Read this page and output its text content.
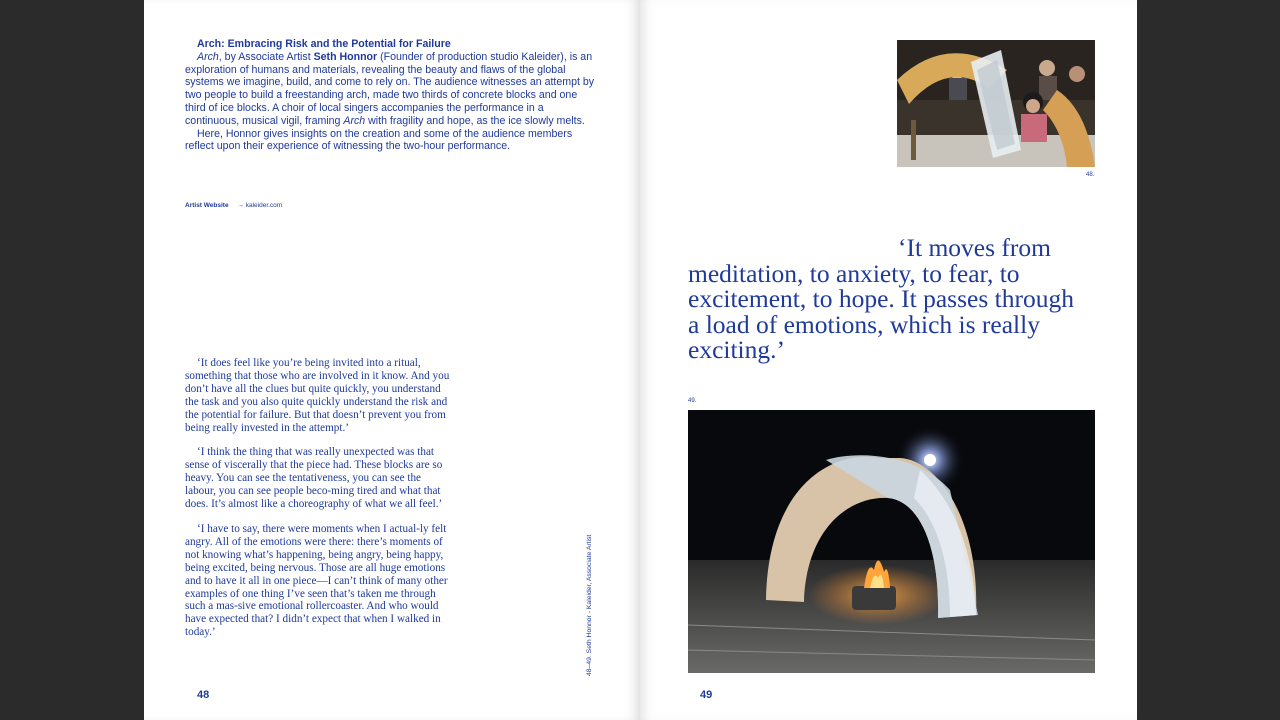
Arch: Embracing Risk and the Potential for Failure

Arch, by Associate Artist Seth Honnor (Founder of production studio Kaleider), is an exploration of humans and materials, revealing the beauty and flaws of the global systems we imagine, build, and come to rely on. The audience witnesses an attempt by two people to build a freestanding arch, made two thirds of concrete blocks and one third of ice blocks. A choir of local singers accompanies the performance in a continuous, musical vigil, framing Arch with fragility and hope, as the ice slowly melts.

Here, Honnor gives insights on the creation and some of the audience members reflect upon their experience of witnessing the two-hour performance.

Artist Website → kaleider.com

‘It does feel like you’re being invited into a ritual, something that those who are involved in it know. And you don’t have all the clues but quite quickly, you understand the task and you also quite quickly understand the risk and the potential for failure. But that doesn’t prevent you from being really invested in the attempt.’

‘I think the thing that was really unexpected was that sense of viscerally that the piece had. These blocks are so heavy. You can see the tentativeness, you can see the labour, you can see people beco-ming tired and what that does. It’s almost like a choreography of what we all feel.’

‘I have to say, there were moments when I actual-ly felt angry. All of the emotions were there: there’s moments of not knowing what’s happening, being angry, being happy, being excited, being nervous. Those are all huge emotions and to have it all in one piece—I can’t think of many other examples of one thing I’ve seen that’s taken me through such a mas-sive emotional rollercoaster. And who would have expected that? I didn’t expect that when I walked in today.’	48–49. Seth Honnor - Kaleider, Associate Artist
48
48.
‘It moves from
meditation, to anxiety, to fear, to excitement, to hope. It passes through a load of emotions, which is really exciting.’
49.
49
